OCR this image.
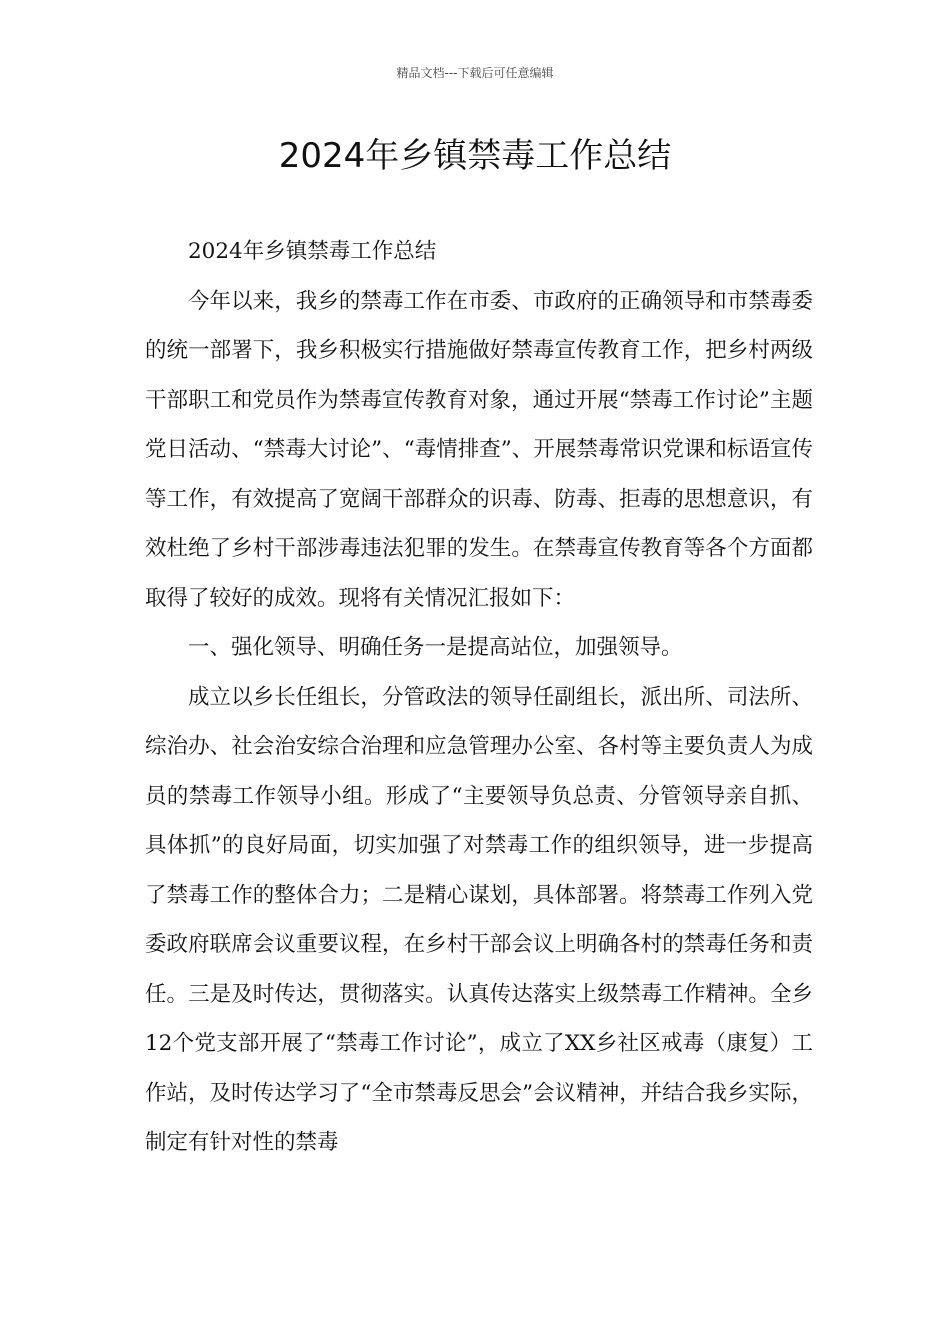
精品文档---下载后可任意编辑
2024年乡镇禁毒工作总结

2024年乡镇禁毒工作总结

今年以来，我乡的禁毒工作在市委、市政府的正确领导和市禁毒委的统一部署下，我乡积极实行措施做好禁毒宣传教育工作，把乡村两级干部职工和党员作为禁毒宣传教育对象，通过开展“禁毒工作讨论”主题党日活动、“禁毒大讨论”、“毒情排查”、开展禁毒常识党课和标语宣传等工作，有效提高了宽阔干部群众的识毒、防毒、拒毒的思想意识，有效杜绝了乡村干部涉毒违法犯罪的发生。在禁毒宣传教育等各个方面都取得了较好的成效。现将有关情况汇报如下：

一、强化领导、明确任务一是提高站位，加强领导。

成立以乡长任组长，分管政法的领导任副组长，派出所、司法所、综治办、社会治安综合治理和应急管理办公室、各村等主要负责人为成员的禁毒工作领导小组。形成了“主要领导负总责、分管领导亲自抓、具体抓”的良好局面，切实加强了对禁毒工作的组织领导，进一步提高了禁毒工作的整体合力；二是精心谋划，具体部署。将禁毒工作列入党委政府联席会议重要议程，在乡村干部会议上明确各村的禁毒任务和责任。三是及时传达，贯彻落实。认真传达落实上级禁毒工作精神。全乡12个党支部开展了“禁毒工作讨论”，成立了XX乡社区戒毒（康复）工作站，及时传达学习了“全市禁毒反思会”会议精神，并结合我乡实际，制定有针对性的禁毒
